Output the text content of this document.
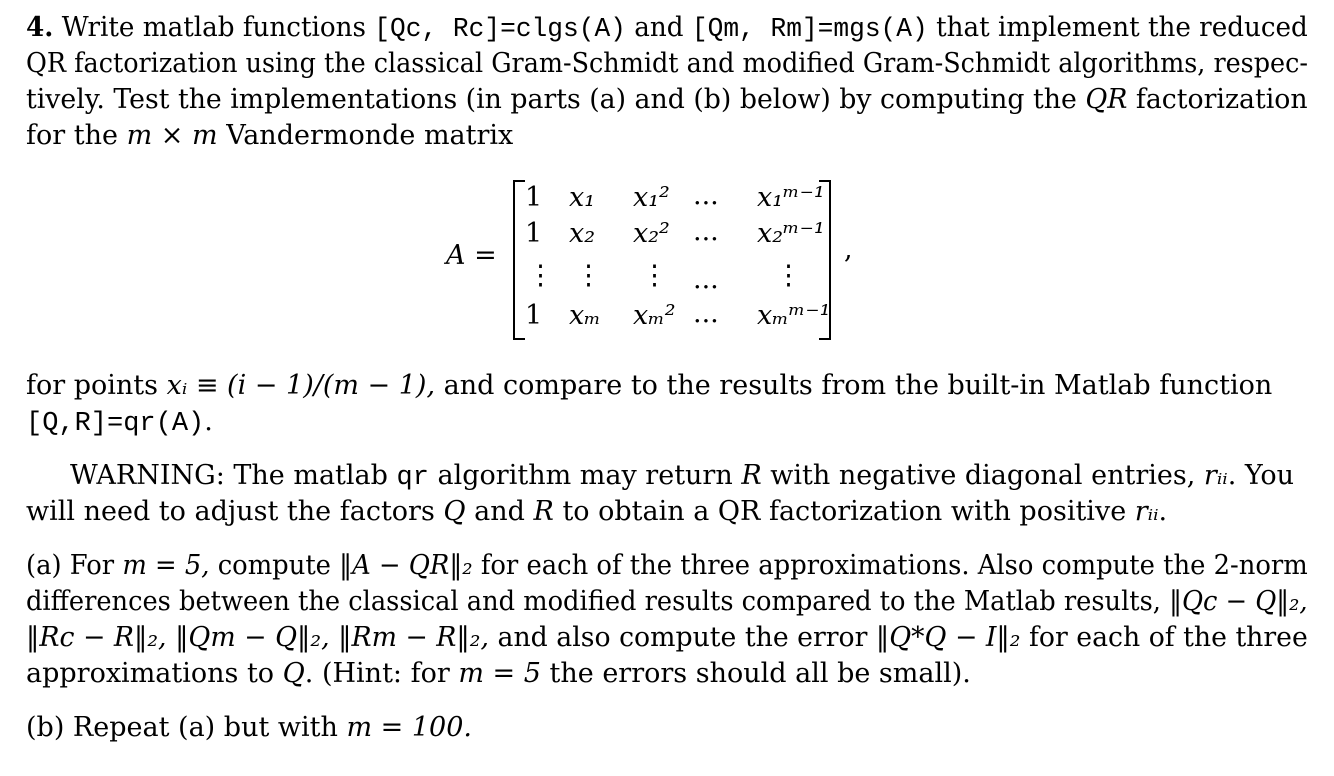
4. Write matlab functions [Qc, Rc]=clgs(A) and [Qm, Rm]=mgs(A) that implement the reduced
QR factorization using the classical Gram-Schmidt and modified Gram-Schmidt algorithms, respec-
tively. Test the implementations (in parts (a) and (b) below) by computing the QR factorization
for the m × m Vandermonde matrix
A =
1 x₁ x₁² ... x₁ᵐ⁻¹
1 x₂ x₂² ... x₂ᵐ⁻¹
⋮ ⋮ ⋮ ... ⋮
1 xₘ xₘ² ... xₘᵐ⁻¹
,
for points xᵢ ≡ (i − 1)/(m − 1), and compare to the results from the built-in Matlab function
[Q,R]=qr(A).
WARNING: The matlab qr algorithm may return R with negative diagonal entries, rᵢᵢ. You
will need to adjust the factors Q and R to obtain a QR factorization with positive rᵢᵢ.
(a) For m = 5, compute ‖A − QR‖₂ for each of the three approximations. Also compute the 2-norm
differences between the classical and modified results compared to the Matlab results, ‖Qc − Q‖₂,
‖Rc − R‖₂, ‖Qm − Q‖₂, ‖Rm − R‖₂, and also compute the error ‖Q*Q − I‖₂ for each of the three
approximations to Q. (Hint: for m = 5 the errors should all be small).
(b) Repeat (a) but with m = 100.
